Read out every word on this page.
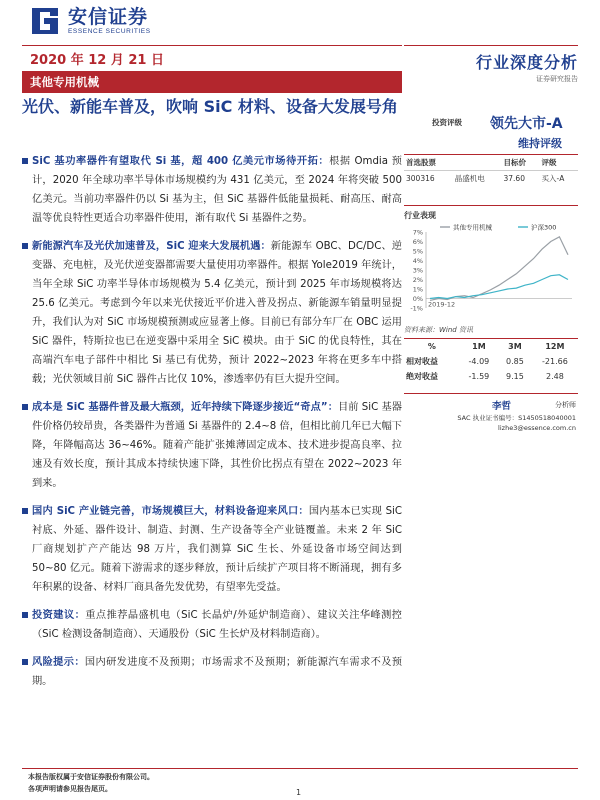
安信证券
ESSENCE SECURITIES
2020 年 12 月 21 日
其他专用机械
行业深度分析
证券研究报告
光伏、新能车普及，吹响 SiC 材料、设备大发展号角
投资评级 领先大市-A
维持评级
首选股票		目标价	评级
300316	晶盛机电	37.60	买入-A
行业表现
7%
6%
5%
4%
3%
2%
1%
0%
-1% 2019-12
其他专用机械	沪深300
资料来源：Wind 资讯
%	1M	3M	12M
相对收益	-4.09	0.85	-21.66
绝对收益	-1.59	9.15	2.48
李哲	分析师
SAC 执业证书编号：S1450518040001
lizhe3@essence.com.cn
SiC 基功率器件有望取代 Si 基，超 400 亿美元市场待开拓：根据 Omdia 预计，2020 年全球功率半导体市场规模约为 431 亿美元，至 2024 年将突破 500 亿美元。当前功率器件仍以 Si 基为主，但 SiC 基器件低能量损耗、耐高压、耐高温等优良特性更适合功率器件使用，渐有取代 Si 基器件之势。
新能源汽车及光伏加速普及，SiC 迎来大发展机遇：新能源车 OBC、DC/DC、逆变器、充电桩，及光伏逆变器都需要大量使用功率器件。根据 Yole2019 年统计，当年全球 SiC 功率半导体市场规模为 5.4 亿美元，预计到 2025 年市场规模将达 25.6 亿美元。考虑到今年以来光伏接近平价进入普及拐点、新能源车销量明显提升，我们认为对 SiC 市场规模预测或应显著上修。目前已有部分车厂在 OBC 运用 SiC 器件，特斯拉也已在逆变器中采用全 SiC 模块。由于 SiC 的优良特性，其在高端汽车电子部件中相比 Si 基已有优势，预计 2022~2023 年将在更多车中搭载；光伏领域目前 SiC 器件占比仅 10%，渗透率仍有巨大提升空间。
成本是 SiC 基器件普及最大瓶颈，近年持续下降逐步接近“奇点”：目前 SiC 基器件价格仍较昂贵，各类器件为普通 Si 基器件的 2.4~8 倍，但相比前几年已大幅下降，年降幅高达 36~46%。随着产能扩张摊薄固定成本、技术进步提高良率、拉速及有效长度，预计其成本持续快速下降，其性价比拐点有望在 2022~2023 年到来。
国内 SiC 产业链完善，市场规模巨大，材料设备迎来风口：国内基本已实现 SiC 衬底、外延、器件设计、制造、封测、生产设备等全产业链覆盖。未来 2 年 SiC 厂商规划扩产产能达 98 万片，我们测算 SiC 生长、外延设备市场空间达到 50~80 亿元。随着下游需求的逐步释放，预计后续扩产项目将不断涌现，拥有多年积累的设备、材料厂商具备先发优势，有望率先受益。
投资建议：重点推荐晶盛机电（SiC 长晶炉/外延炉制造商）、建议关注华峰测控（SiC 检测设备制造商）、天通股份（SiC 生长炉及材料制造商）。
风险提示：国内研发进度不及预期；市场需求不及预期；新能源汽车需求不及预期。
本报告版权属于安信证券股份有限公司。
各项声明请参见报告尾页。	1
